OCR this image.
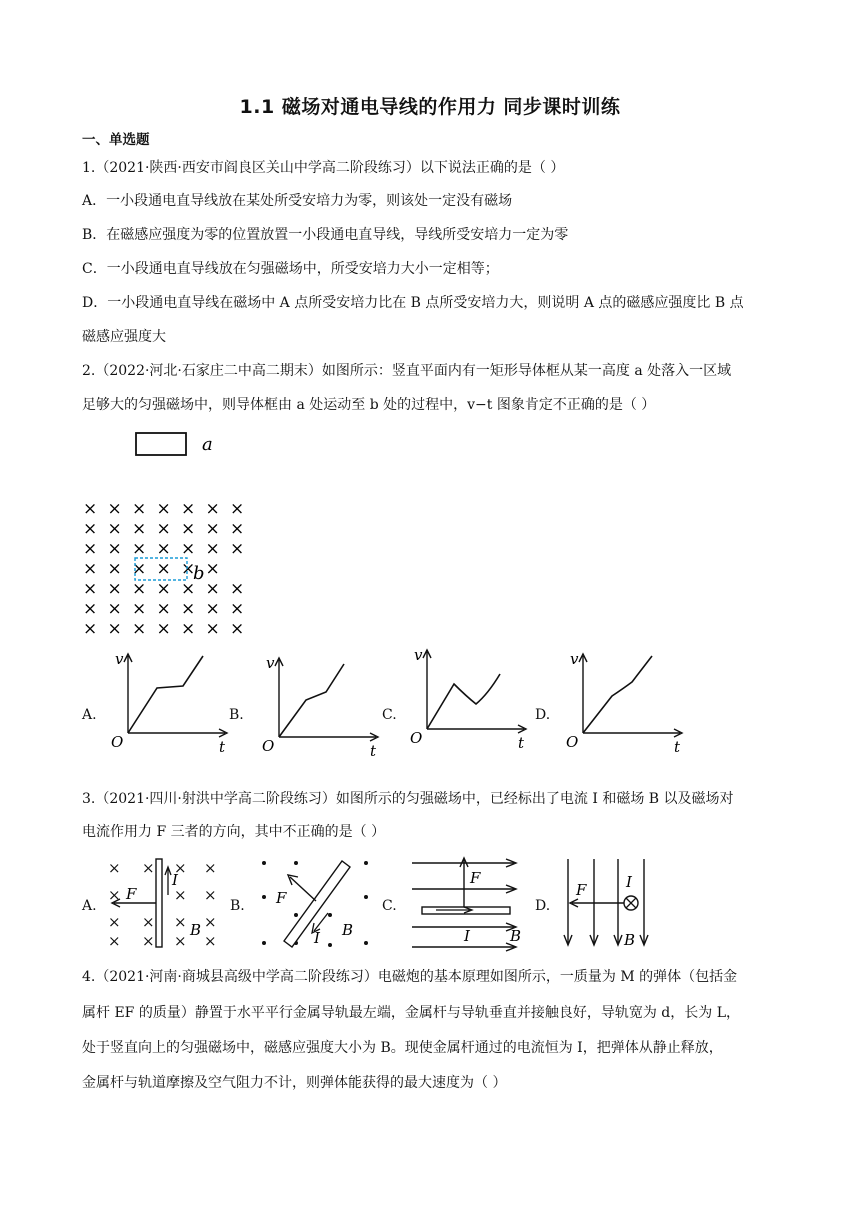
1.1 磁场对通电导线的作用力 同步课时训练
一、单选题
1.（2021·陕西·西安市阎良区关山中学高二阶段练习）以下说法正确的是（ ）
A．一小段通电直导线放在某处所受安培力为零，则该处一定没有磁场
B．在磁感应强度为零的位置放置一小段通电直导线，导线所受安培力一定为零
C．一小段通电直导线放在匀强磁场中，所受安培力大小一定相等；
D．一小段通电直导线在磁场中 A 点所受安培力比在 B 点所受安培力大，则说明 A 点的磁感应强度比 B 点
磁感应强度大
2.（2022·河北·石家庄二中高二期末）如图所示：竖直平面内有一矩形导体框从某一高度 a 处落入一区域
足够大的匀强磁场中，则导体框由 a 处运动至 b 处的过程中，v−t 图象肯定不正确的是（ ）
a
× × × × × × ×
× × × × × × ×
× × × × × × ×
× × × × × ×
× × × × × × ×
× × × × × × ×
× × × × × × ×
b
A.
v
O	t
B.
v
O	t
C.
v
O	t
D.
v
O	t
3.（2021·四川·射洪中学高二阶段练习）如图所示的匀强磁场中，已经标出了电流 I 和磁场 B 以及磁场对
电流作用力 F 三者的方向，其中不正确的是（ ）
A.
×
×
×
×
×
×
×
×
×
×
×
×
×
×
×
F
I
B
B. F
I B
C.
F
I	B
D.
F	I
B
4.（2021·河南·商城县高级中学高二阶段练习）电磁炮的基本原理如图所示，一质量为 M 的弹体（包括金
属杆 EF 的质量）静置于水平平行金属导轨最左端，金属杆与导轨垂直并接触良好，导轨宽为 d，长为 L，
处于竖直向上的匀强磁场中，磁感应强度大小为 B。现使金属杆通过的电流恒为 I，把弹体从静止释放，
金属杆与轨道摩擦及空气阻力不计，则弹体能获得的最大速度为（ ）
